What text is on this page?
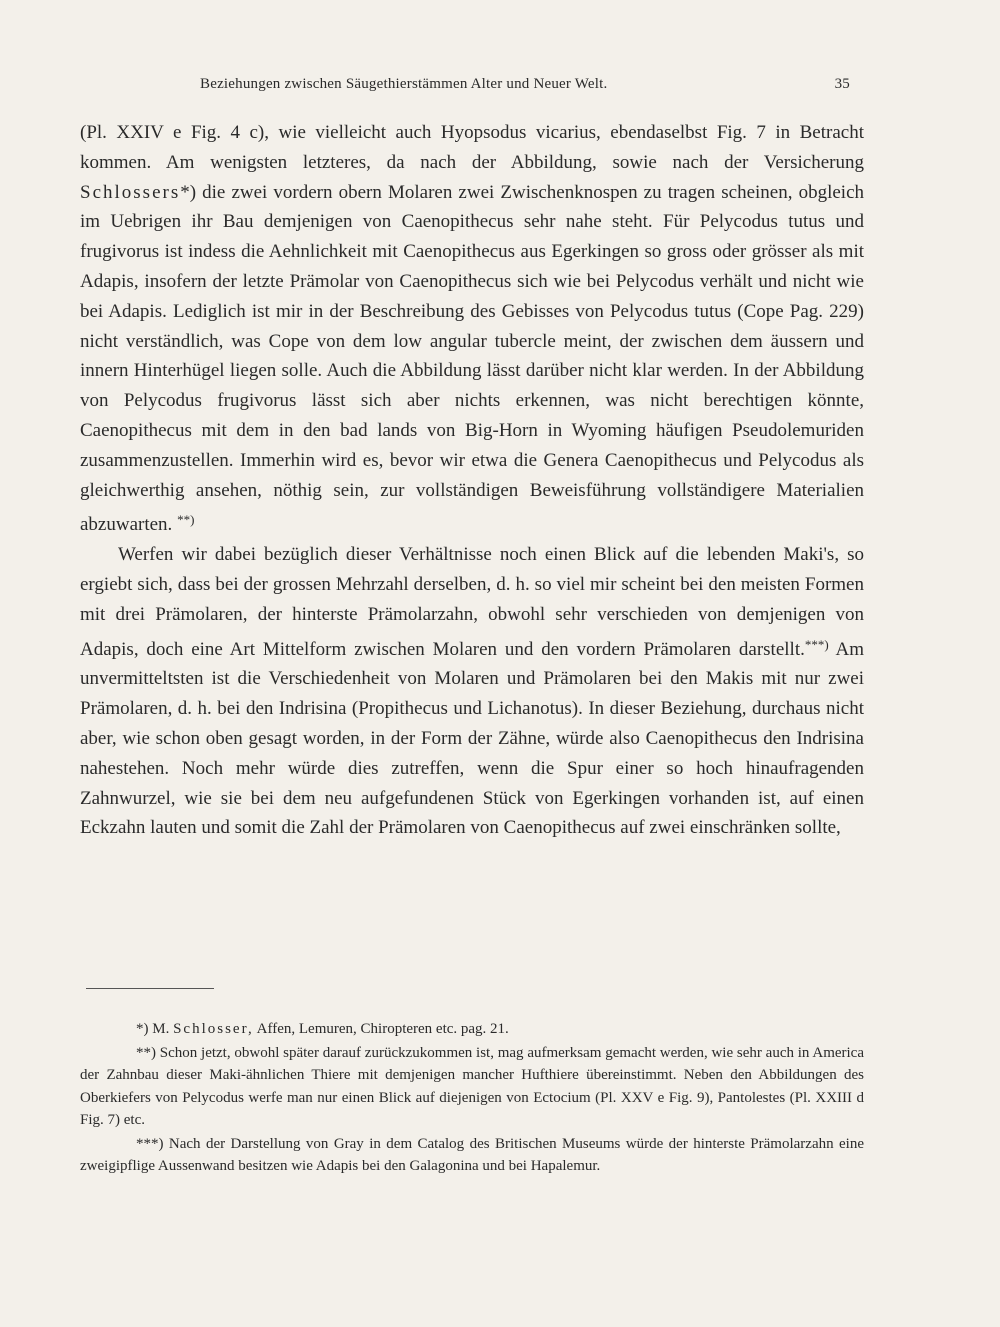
Beziehungen zwischen Säugethierstämmen Alter und Neuer Welt.	35

(Pl. XXIV e Fig. 4 c), wie vielleicht auch Hyopsodus vicarius, ebendaselbst Fig. 7 in Betracht kommen. Am wenigsten letzteres, da nach der Abbildung, sowie nach der Versicherung Schlossers*) die zwei vordern obern Molaren zwei Zwischenknospen zu tragen scheinen, obgleich im Uebrigen ihr Bau demjenigen von Caenopithecus sehr nahe steht. Für Pelycodus tutus und frugivorus ist indess die Aehnlichkeit mit Caenopithecus aus Egerkingen so gross oder grösser als mit Adapis, insofern der letzte Prämolar von Caenopithecus sich wie bei Pelycodus verhält und nicht wie bei Adapis. Lediglich ist mir in der Beschreibung des Gebisses von Pelycodus tutus (Cope Pag. 229) nicht verständlich, was Cope von dem low angular tubercle meint, der zwischen dem äussern und innern Hinterhügel liegen solle. Auch die Abbildung lässt darüber nicht klar werden. In der Abbildung von Pelycodus frugivorus lässt sich aber nichts erkennen, was nicht berechtigen könnte, Caenopithecus mit dem in den bad lands von Big-Horn in Wyoming häufigen Pseudolemuriden zusammenzustellen. Immerhin wird es, bevor wir etwa die Genera Caenopithecus und Pelycodus als gleichwerthig ansehen, nöthig sein, zur vollständigen Beweisführung vollständigere Materialien abzuwarten. **)

Werfen wir dabei bezüglich dieser Verhältnisse noch einen Blick auf die lebenden Maki's, so ergiebt sich, dass bei der grossen Mehrzahl derselben, d. h. so viel mir scheint bei den meisten Formen mit drei Prämolaren, der hinterste Prämolarzahn, obwohl sehr verschieden von demjenigen von Adapis, doch eine Art Mittelform zwischen Molaren und den vordern Prämolaren darstellt.***) Am unvermitteltsten ist die Verschiedenheit von Molaren und Prämolaren bei den Makis mit nur zwei Prämolaren, d. h. bei den Indrisina (Propithecus und Lichanotus). In dieser Beziehung, durchaus nicht aber, wie schon oben gesagt worden, in der Form der Zähne, würde also Caenopithecus den Indrisina nahestehen. Noch mehr würde dies zutreffen, wenn die Spur einer so hoch hinaufragenden Zahnwurzel, wie sie bei dem neu aufgefundenen Stück von Egerkingen vorhanden ist, auf einen Eckzahn lauten und somit die Zahl der Prämolaren von Caenopithecus auf zwei einschränken sollte,

*) M. Schlosser, Affen, Lemuren, Chiropteren etc. pag. 21.

**) Schon jetzt, obwohl später darauf zurückzukommen ist, mag aufmerksam gemacht werden, wie sehr auch in America der Zahnbau dieser Maki-ähnlichen Thiere mit demjenigen mancher Hufthiere übereinstimmt. Neben den Abbildungen des Oberkiefers von Pelycodus werfe man nur einen Blick auf diejenigen von Ectocium (Pl. XXV e Fig. 9), Pantolestes (Pl. XXIII d Fig. 7) etc.

***) Nach der Darstellung von Gray in dem Catalog des Britischen Museums würde der hinterste Prämolarzahn eine zweigipflige Aussenwand besitzen wie Adapis bei den Galagonina und bei Hapalemur.
